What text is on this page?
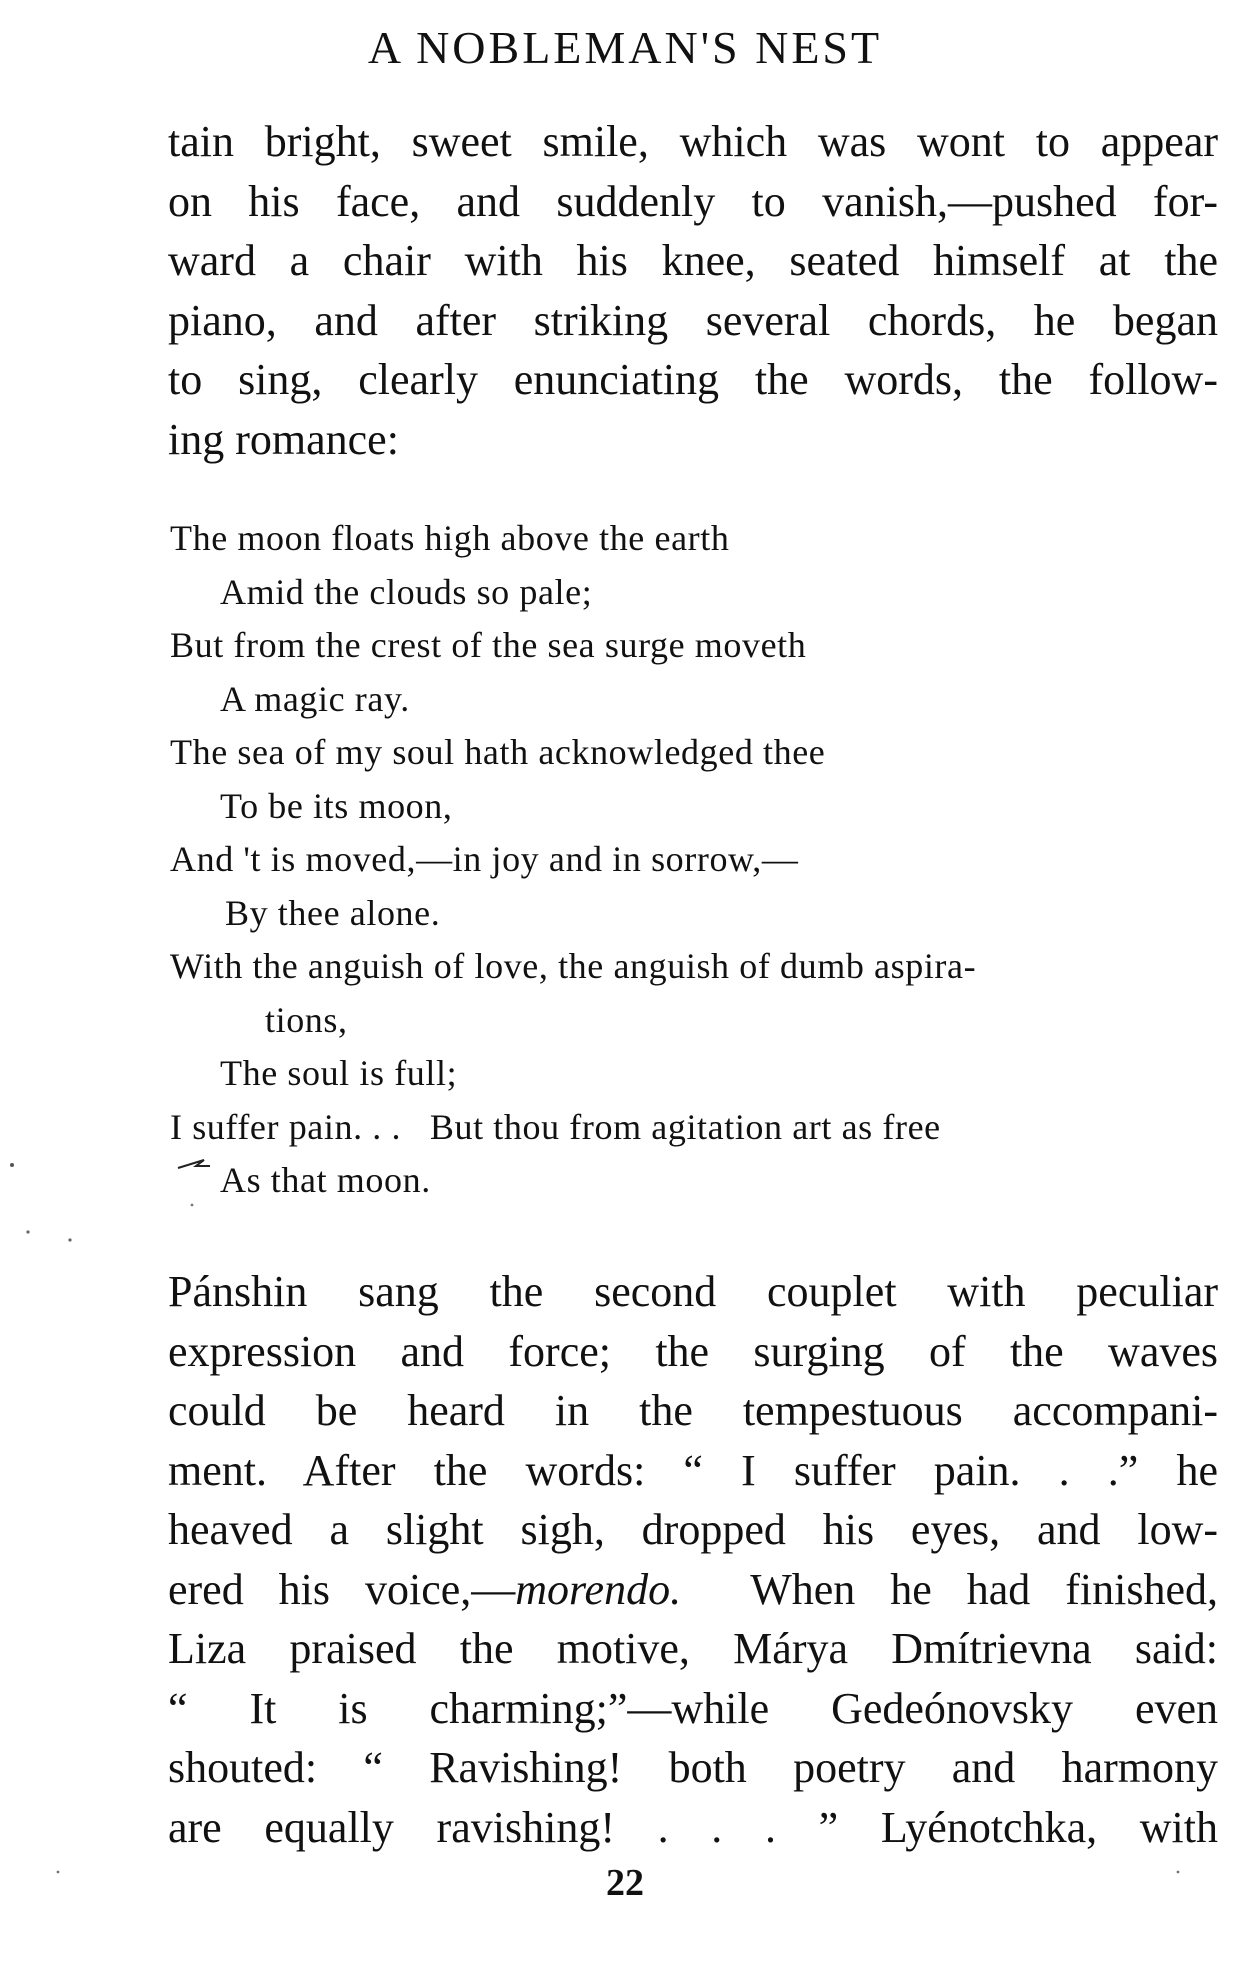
A NOBLEMAN'S NEST
tain bright, sweet smile, which was wont to appear
on his face, and suddenly to vanish,—pushed for-
ward a chair with his knee, seated himself at the
piano, and after striking several chords, he began
to sing, clearly enunciating the words, the follow-
ing romance:
The moon floats high above the earth
Amid the clouds so pale;
But from the crest of the sea surge moveth
A magic ray.
The sea of my soul hath acknowledged thee
To be its moon,
And 't is moved,—in joy and in sorrow,—
By thee alone.
With the anguish of love, the anguish of dumb aspira-
tions,
The soul is full;
I suffer pain. . .   But thou from agitation art as free
As that moon.
Pánshin sang the second couplet with peculiar
expression and force; the surging of the waves
could be heard in the tempestuous accompani-
ment. After the words: “ I suffer pain. . .” he
heaved a slight sigh, dropped his eyes, and low-
ered his voice,—morendo.  When he had finished,
Liza praised the motive, Márya Dmítrievna said:
“ It is charming;”—while Gedeónovsky even
shouted: “ Ravishing! both poetry and harmony
are equally ravishing! . . . ” Lyénotchka, with
22
